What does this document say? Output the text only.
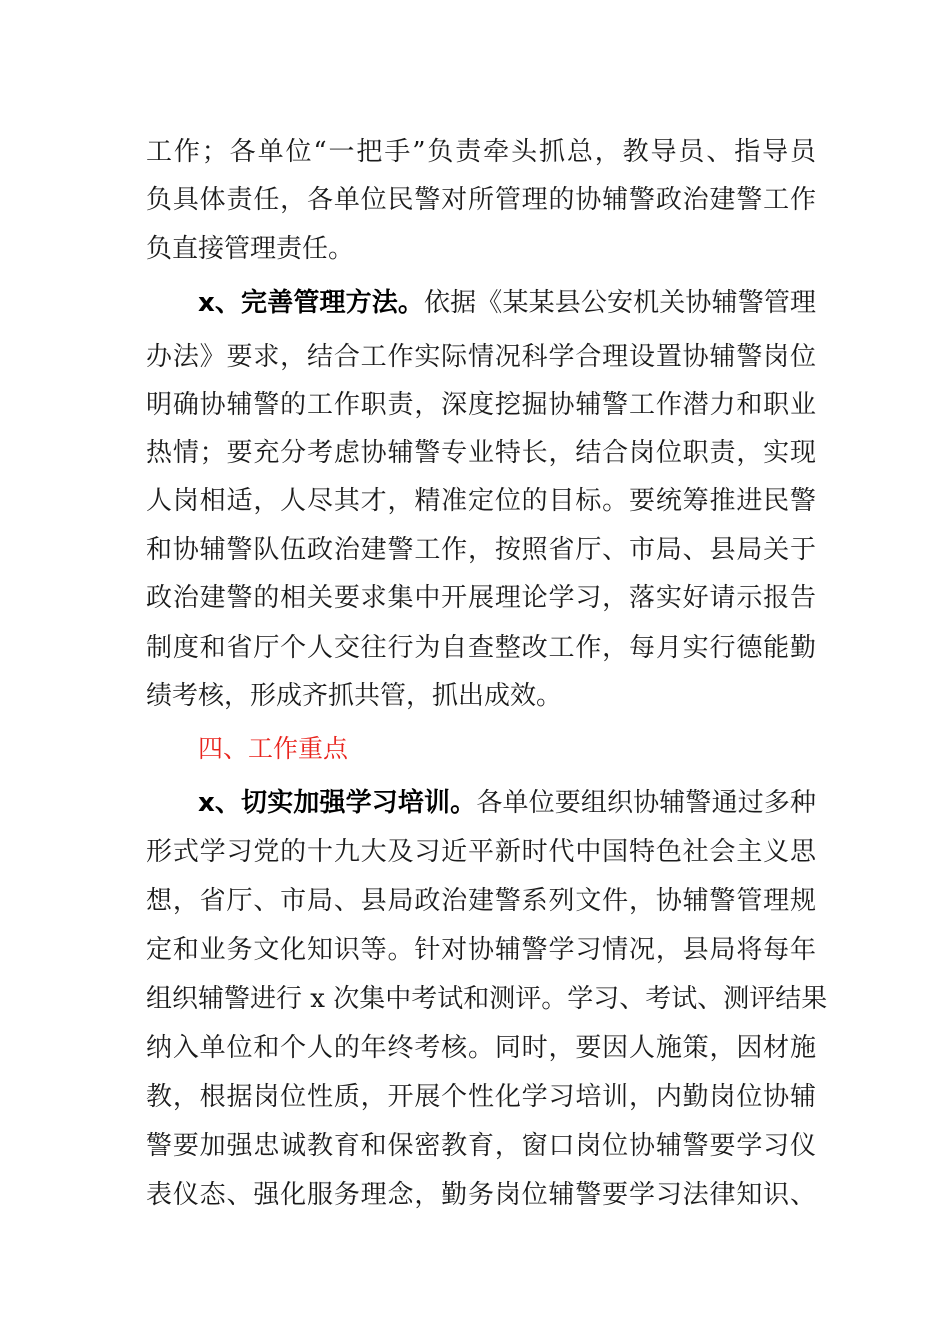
工作；各单位“一把手”负责牵头抓总，教导员、指导员
负具体责任，各单位民警对所管理的协辅警政治建警工作
负直接管理责任。
x、完善管理方法。依据《某某县公安机关协辅警管理
办法》要求，结合工作实际情况科学合理设置协辅警岗位
明确协辅警的工作职责，深度挖掘协辅警工作潜力和职业
热情；要充分考虑协辅警专业特长，结合岗位职责，实现
人岗相适，人尽其才，精准定位的目标。要统筹推进民警
和协辅警队伍政治建警工作，按照省厅、市局、县局关于
政治建警的相关要求集中开展理论学习，落实好请示报告
制度和省厅个人交往行为自查整改工作，每月实行德能勤
绩考核，形成齐抓共管，抓出成效。
四、工作重点
x、切实加强学习培训。各单位要组织协辅警通过多种
形式学习党的十九大及习近平新时代中国特色社会主义思
想，省厅、市局、县局政治建警系列文件，协辅警管理规
定和业务文化知识等。针对协辅警学习情况，县局将每年
组织辅警进行 x 次集中考试和测评。学习、考试、测评结果
纳入单位和个人的年终考核。同时，要因人施策，因材施
教，根据岗位性质，开展个性化学习培训，内勤岗位协辅
警要加强忠诚教育和保密教育，窗口岗位协辅警要学习仪
表仪态、强化服务理念，勤务岗位辅警要学习法律知识、
